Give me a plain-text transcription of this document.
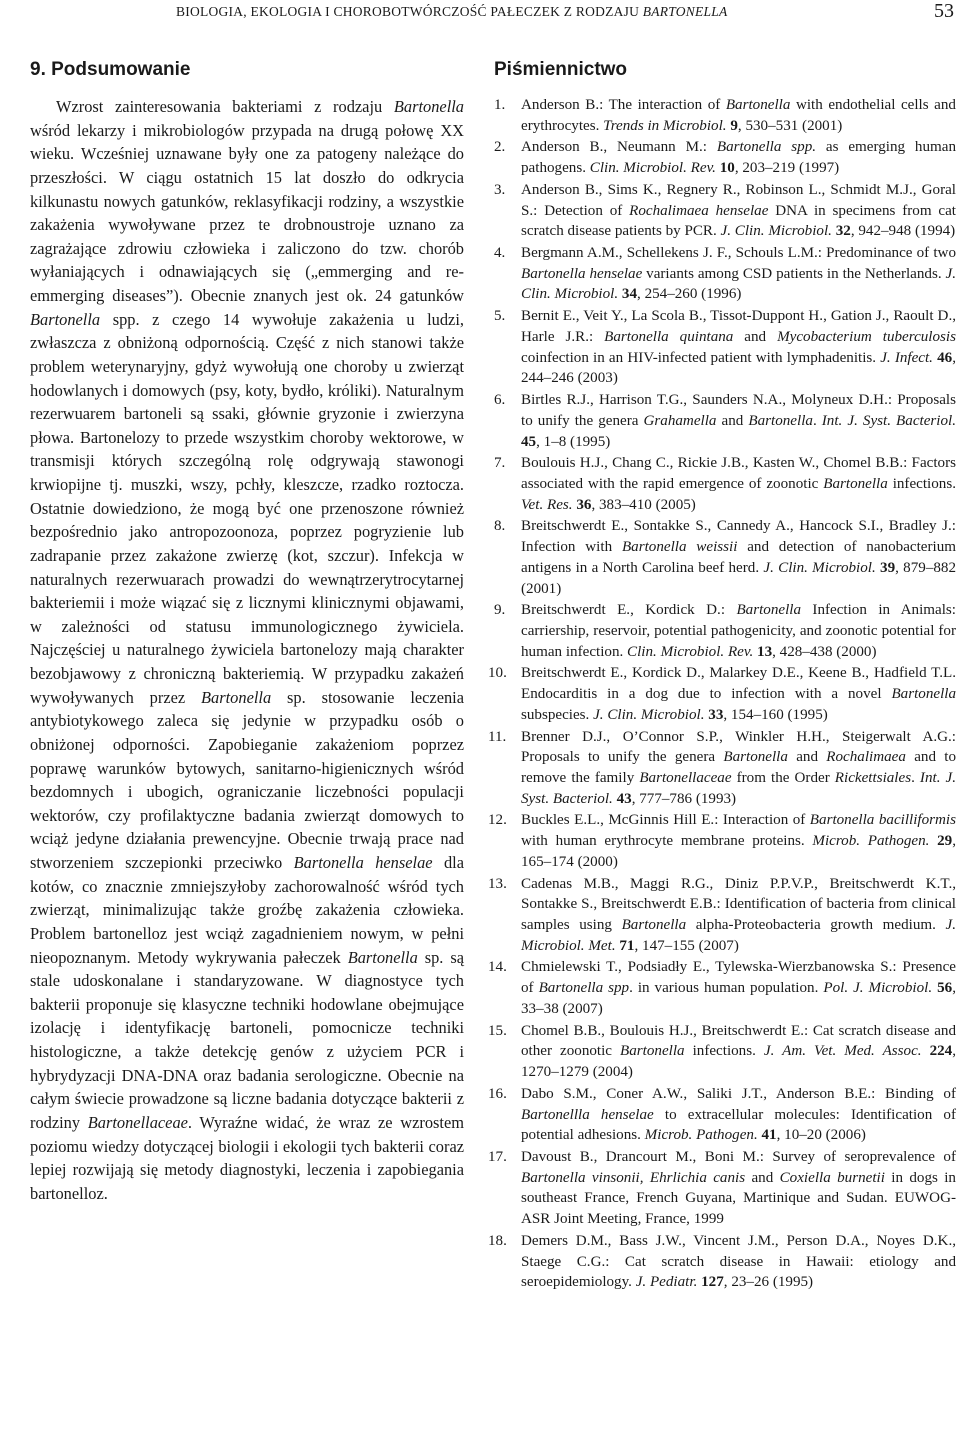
BIOLOGIA, EKOLOGIA I CHOROBOTWÓRCZOŚĆ PAŁECZEK Z RODZAJU BARTONELLA	53
9. Podsumowanie

Wzrost zainteresowania bakteriami z rodzaju Bartonella wśród lekarzy i mikrobiologów przypada na drugą połowę XX wieku. Wcześniej uznawane były one za patogeny należące do przeszłości. W ciągu ostatnich 15 lat doszło do odkrycia kilkunastu nowych gatunków, reklasyfikacji rodziny, a wszystkie zakażenia wywoływane przez te drobnoustroje uznano za zagrażające zdrowiu człowieka i zaliczono do tzw. chorób wyłaniających i odnawiających się („emmerging and re-emmerging diseases”). Obecnie znanych jest ok. 24 gatunków Bartonella spp. z czego 14 wywołuje zakażenia u ludzi, zwłaszcza z obniżoną odpornością. Część z nich stanowi także problem weterynaryjny, gdyż wywołują one choroby u zwierząt hodowlanych i domowych (psy, koty, bydło, króliki). Naturalnym rezerwuarem bartoneli są ssaki, głównie gryzonie i zwierzyna płowa. Bartonelozy to przede wszystkim choroby wektorowe, w transmisji których szczególną rolę odgrywają stawonogi krwiopijne tj. muszki, wszy, pchły, kleszcze, rzadko roztocza. Ostatnie dowiedziono, że mogą być one przenoszone również bezpośrednio jako antropozoonoza, poprzez pogryzienie lub zadrapanie przez zakażone zwierzę (kot, szczur). Infekcja w naturalnych rezerwuarach prowadzi do wewnątrzerytrocytarnej bakteriemii i może wiązać się z licznymi klinicznymi objawami, w zależności od statusu immunologicznego żywiciela. Najczęściej u naturalnego żywiciela bartonelozy mają charakter bezobjawowy z chroniczną bakteriemią. W przypadku zakażeń wywoływanych przez Bartonella sp. stosowanie leczenia antybiotykowego zaleca się jedynie w przypadku osób o obniżonej odporności. Zapobieganie zakażeniom poprzez poprawę warunków bytowych, sanitarno-higienicznych wśród bezdomnych i ubogich, ograniczanie liczebności populacji wektorów, czy profilaktyczne badania zwierząt domowych to wciąż jedyne działania prewencyjne. Obecnie trwają prace nad stworzeniem szczepionki przeciwko Bartonella henselae dla kotów, co znacznie zmniejszyłoby zachorowalność wśród tych zwierząt, minimalizując także groźbę zakażenia człowieka. Problem bartonelloz jest wciąż zagadnieniem nowym, w pełni nieopoznanym. Metody wykrywania pałeczek Bartonella sp. są stale udoskonalane i standaryzowane. W diagnostyce tych bakterii proponuje się klasyczne techniki hodowlane obejmujące izolację i identyfikację bartoneli, pomocnicze techniki histologiczne, a także detekcję genów z użyciem PCR i hybrydyzacji DNA-DNA oraz badania serologiczne. Obecnie na całym świecie prowadzone są liczne badania dotyczące bakterii z rodziny Bartonellaceae. Wyraźne widać, że wraz ze wzrostem poziomu wiedzy dotyczącej biologii i ekologii tych bakterii coraz lepiej rozwijają się metody diagnostyki, leczenia i zapobiegania bartonelloz.

Piśmiennictwo
1. Anderson B.: The interaction of Bartonella with endothelial cells and erythrocytes. Trends in Microbiol. 9, 530–531 (2001)
2. Anderson B., Neumann M.: Bartonella spp. as emerging human pathogens. Clin. Microbiol. Rev. 10, 203–219 (1997)
3. Anderson B., Sims K., Regnery R., Robinson L., Schmidt M.J., Goral S.: Detection of Rochalimaea henselae DNA in specimens from cat scratch disease patients by PCR. J. Clin. Microbiol. 32, 942–948 (1994)
4. Bergmann A.M., Schellekens J. F., Schouls L.M.: Predominance of two Bartonella henselae variants among CSD patients in the Netherlands. J. Clin. Microbiol. 34, 254–260 (1996)
5. Bernit E., Veit Y., La Scola B., Tissot-Duppont H., Gation J., Raoult D., Harle J.R.: Bartonella quintana and Mycobacterium tuberculosis coinfection in an HIV-infected patient with lymphadenitis. J. Infect. 46, 244–246 (2003)
6. Birtles R.J., Harrison T.G., Saunders N.A., Molyneux D.H.: Proposals to unify the genera Grahamella and Bartonella. Int. J. Syst. Bacteriol. 45, 1–8 (1995)
7. Boulouis H.J., Chang C., Rickie J.B., Kasten W., Chomel B.B.: Factors associated with the rapid emergence of zoonotic Bartonella infections. Vet. Res. 36, 383–410 (2005)
8. Breitschwerdt E., Sontakke S., Cannedy A., Hancock S.I., Bradley J.: Infection with Bartonella weissii and detection of nanobacterium antigens in a North Carolina beef herd. J. Clin. Microbiol. 39, 879–882 (2001)
9. Breitschwerdt E., Kordick D.: Bartonella Infection in Animals: carriership, reservoir, potential pathogenicity, and zoonotic potential for human infection. Clin. Microbiol. Rev. 13, 428–438 (2000)
10. Breitschwerdt E., Kordick D., Malarkey D.E., Keene B., Hadfield T.L. Endocarditis in a dog due to infection with a novel Bartonella subspecies. J. Clin. Microbiol. 33, 154–160 (1995)
11. Brenner D.J., O’Connor S.P., Winkler H.H., Steigerwalt A.G.: Proposals to unify the genera Bartonella and Rochalimaea and to remove the family Bartonellaceae from the Order Rickettsiales. Int. J. Syst. Bacteriol. 43, 777–786 (1993)
12. Buckles E.L., McGinnis Hill E.: Interaction of Bartonella bacilliformis with human erythrocyte membrane proteins. Microb. Pathogen. 29, 165–174 (2000)
13. Cadenas M.B., Maggi R.G., Diniz P.P.V.P., Breitschwerdt K.T., Sontakke S., Breitschwerdt E.B.: Identification of bacteria from clinical samples using Bartonella alpha-Proteobacteria growth medium. J. Microbiol. Met. 71, 147–155 (2007)
14. Chmielewski T., Podsiadły E., Tylewska-Wierzbanowska S.: Presence of Bartonella spp. in various human population. Pol. J. Microbiol. 56, 33–38 (2007)
15. Chomel B.B., Boulouis H.J., Breitschwerdt E.: Cat scratch disease and other zoonotic Bartonella infections. J. Am. Vet. Med. Assoc. 224, 1270–1279 (2004)
16. Dabo S.M., Coner A.W., Saliki J.T., Anderson B.E.: Binding of Bartonellla henselae to extracellular molecules: Identification of potential adhesions. Microb. Pathogen. 41, 10–20 (2006)
17. Davoust B., Drancourt M., Boni M.: Survey of seroprevalence of Bartonella vinsonii, Ehrlichia canis and Coxiella burnetii in dogs in southeast France, French Guyana, Martinique and Sudan. EUWOG-ASR Joint Meeting, France, 1999
18. Demers D.M., Bass J.W., Vincent J.M., Person D.A., Noyes D.K., Staege C.G.: Cat scratch disease in Hawaii: etiology and seroepidemiology. J. Pediatr. 127, 23–26 (1995)
